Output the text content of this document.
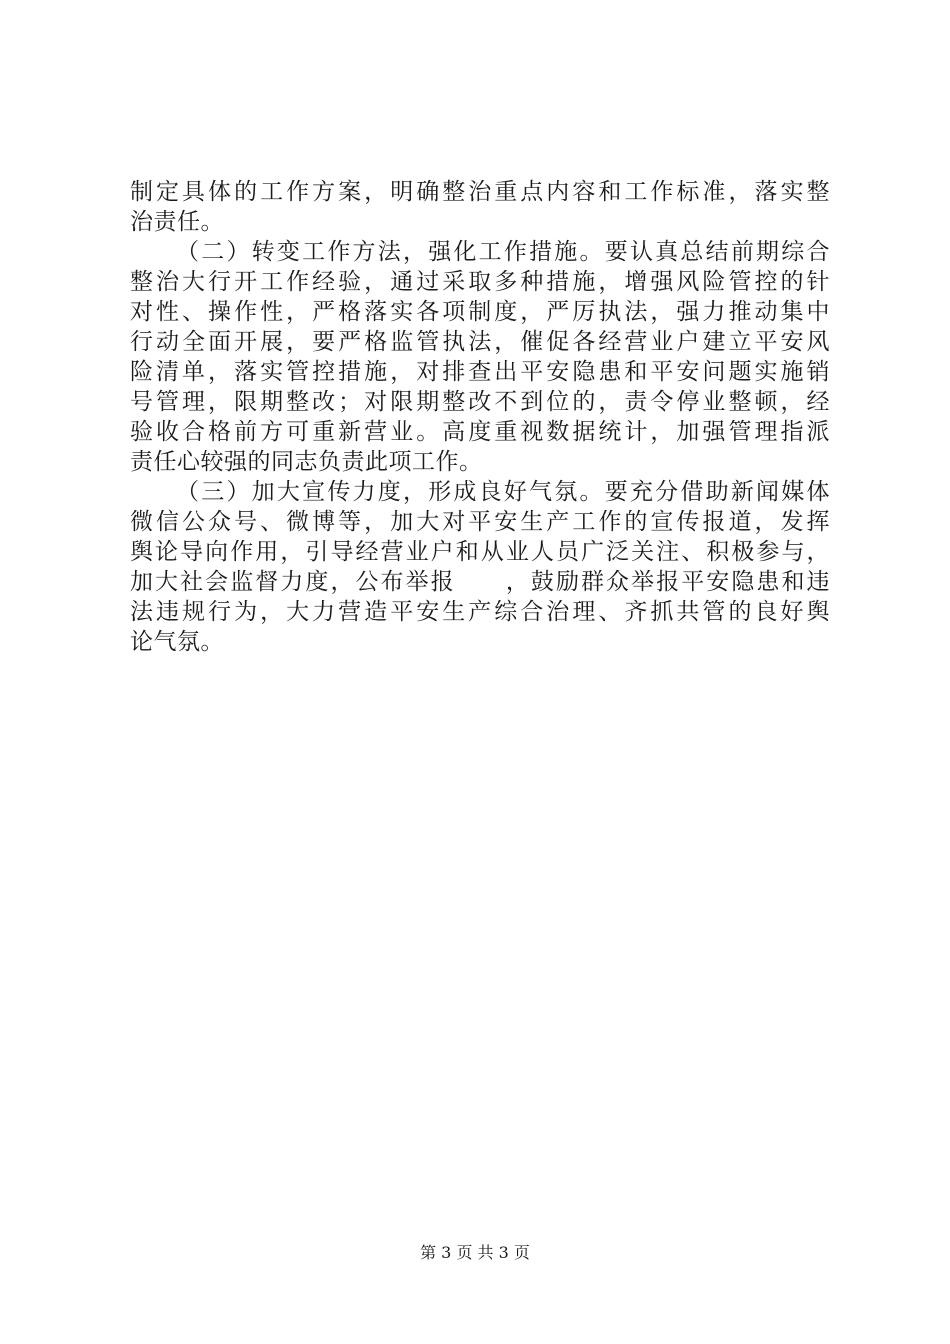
制定具体的工作方案，明确整治重点内容和工作标准，落实整
治责任。
（二）转变工作方法，强化工作措施。要认真总结前期综合
整治大行开工作经验，通过采取多种措施，增强风险管控的针
对性、操作性，严格落实各项制度，严厉执法，强力推动集中
行动全面开展，要严格监管执法，催促各经营业户建立平安风
险清单，落实管控措施，对排查出平安隐患和平安问题实施销
号管理，限期整改；对限期整改不到位的，责令停业整顿，经
验收合格前方可重新营业。高度重视数据统计，加强管理指派
责任心较强的同志负责此项工作。
（三）加大宣传力度，形成良好气氛。要充分借助新闻媒体
微信公众号、微博等，加大对平安生产工作的宣传报道，发挥
舆论导向作用，引导经营业户和从业人员广泛关注、积极参与，
加大社会监督力度，公布举报　　，鼓励群众举报平安隐患和违
法违规行为，大力营造平安生产综合治理、齐抓共管的良好舆
论气氛。
第 3 页 共 3 页
